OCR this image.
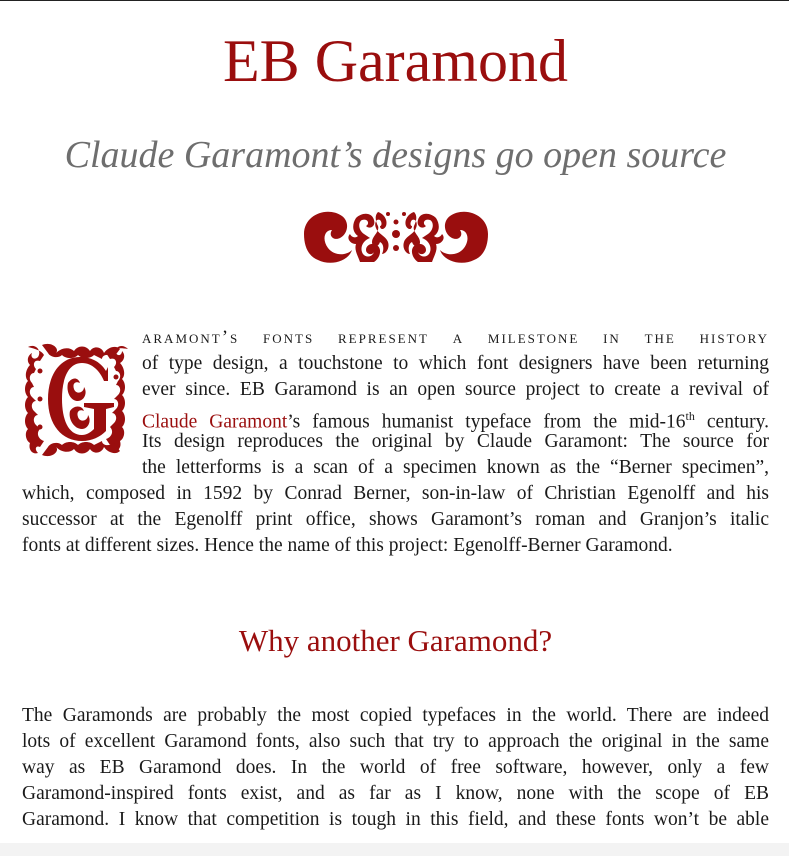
EB Garamond
Claude Garamont’s designs go open source
G	aramont’s fonts represent a milestone in the history
of type design, a touchstone to which font designers have been returning
ever since. EB Garamond is an open source project to create a revival of
Claude Garamont’s famous humanist typeface from the mid-16th century.
Its design reproduces the original by Claude Garamont: The source for
the letterforms is a scan of a specimen known as the “Berner specimen”,
which, composed in 1592 by Conrad Berner, son-in-law of Christian Egenolff and his
successor at the Egenolff print office, shows Garamont’s roman and Granjon’s italic
fonts at different sizes. Hence the name of this project: Egenolff-Berner Garamond.
Why another Garamond?
The Garamonds are probably the most copied typefaces in the world. There are indeed
lots of excellent Garamond fonts, also such that try to approach the original in the same
way as EB Garamond does. In the world of free software, however, only a few
Garamond-inspired fonts exist, and as far as I know, none with the scope of EB
Garamond. I know that competition is tough in this field, and these fonts won’t be able
